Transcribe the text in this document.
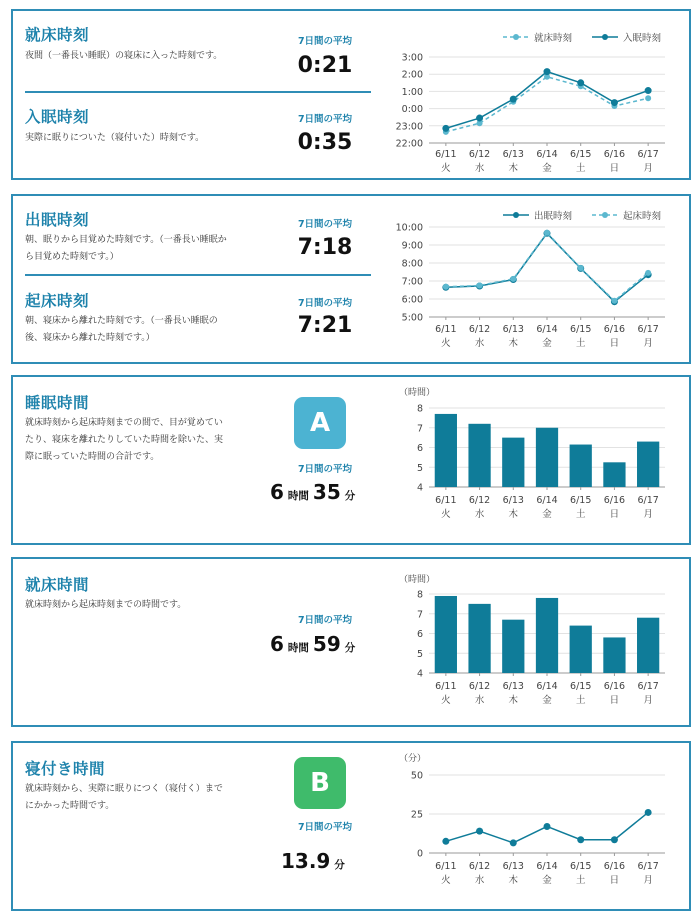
就床時刻
夜間（一番長い睡眠）の寝床に入った時刻です。
7日間の平均
0:21
入眠時刻
実際に眠りについた（寝付いた）時刻です。
7日間の平均
0:35
3:00
2:00
1:00
0:00
23:00
22:00
6/11
火
6/12
水
6/13
木
6/14
金
6/15
土
6/16
日
6/17
月
入眠時刻
就床時刻
出眠時刻
朝、眠りから目覚めた時刻です。（一番長い睡眠か
ら目覚めた時刻です。）
7日間の平均
7:18
起床時刻
朝、寝床から離れた時刻です。（一番長い睡眠の
後、寝床から離れた時刻です。）
7日間の平均
7:21
10:00
9:00
8:00
7:00
6:00
5:00
6/11
火
6/12
水
6/13
木
6/14
金
6/15
土
6/16
日
6/17
月
起床時刻
出眠時刻
睡眠時間
就床時刻から起床時刻までの間で、目が覚めてい
たり、寝床を離れたりしていた時間を除いた、実
際に眠っていた時間の合計です。
A
7日間の平均
6 時間 35 分
8
7
6
5
4
6/11
火
6/12
水
6/13
木
6/14
金
6/15
土
6/16
日
6/17
月
（時間）
就床時間
就床時刻から起床時刻までの時間です。
7日間の平均
6 時間 59 分
8
7
6
5
4
6/11
火
6/12
水
6/13
木
6/14
金
6/15
土
6/16
日
6/17
月
（時間）
寝付き時間
就床時刻から、実際に眠りにつく（寝付く）まで
にかかった時間です。
B
7日間の平均
13.9 分
50
25
0
6/11
火
6/12
水
6/13
木
6/14
金
6/15
土
6/16
日
6/17
月
（分）
